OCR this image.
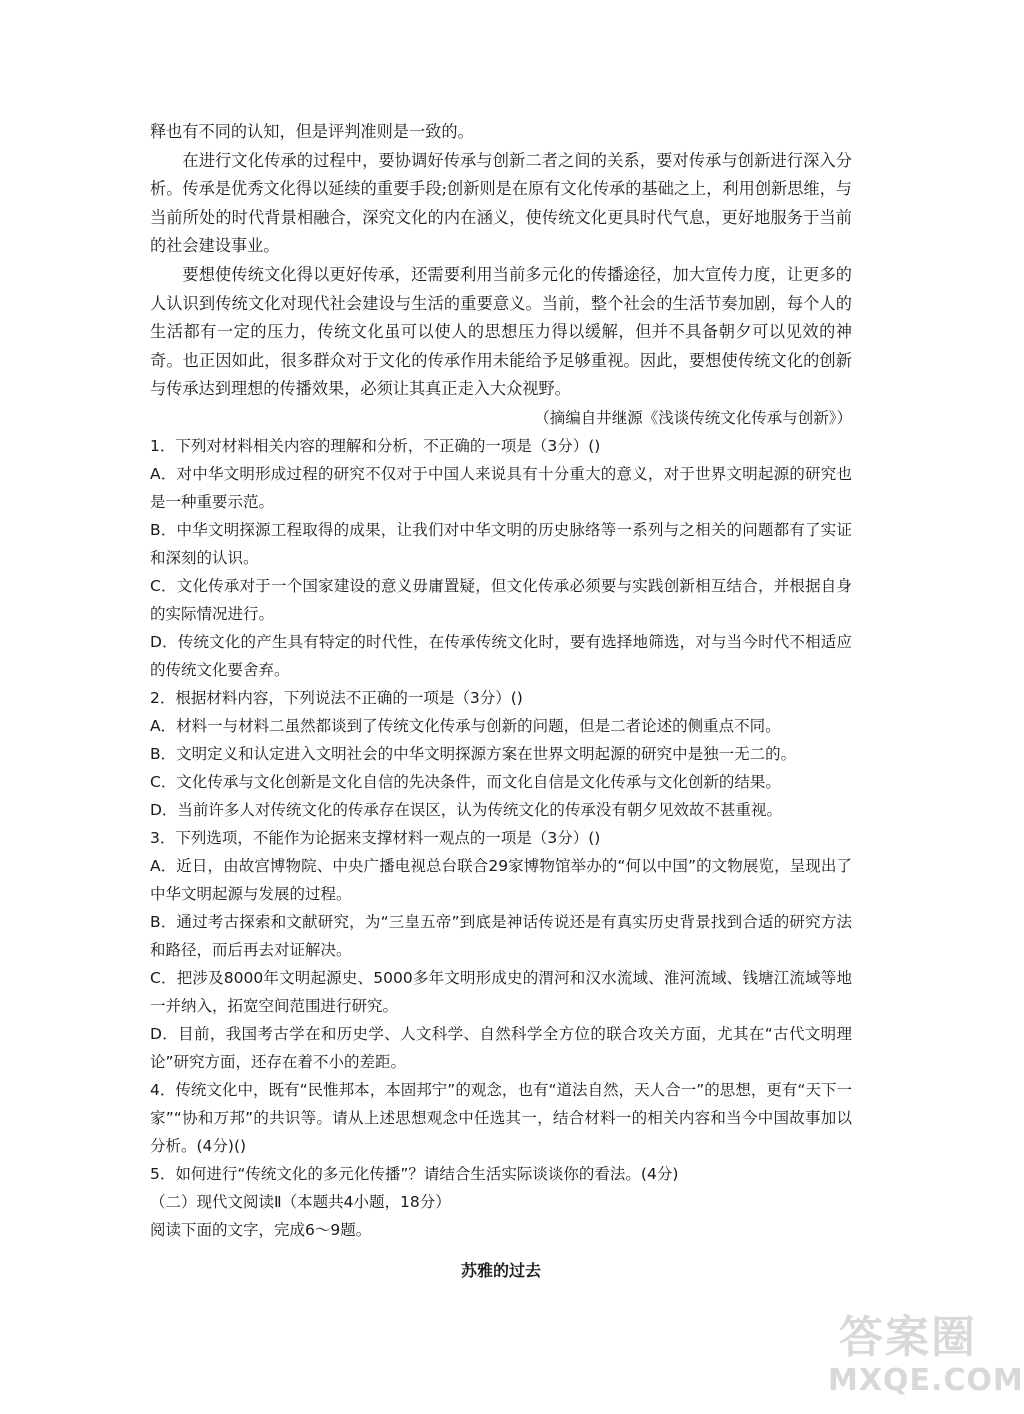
释也有不同的认知，但是评判准则是一致的。

在进行文化传承的过程中，要协调好传承与创新二者之间的关系，要对传承与创新进行深入分析。传承是优秀文化得以延续的重要手段;创新则是在原有文化传承的基础之上，利用创新思维，与当前所处的时代背景相融合，深究文化的内在涵义，使传统文化更具时代气息，更好地服务于当前的社会建设事业。

要想使传统文化得以更好传承，还需要利用当前多元化的传播途径，加大宣传力度，让更多的人认识到传统文化对现代社会建设与生活的重要意义。当前，整个社会的生活节奏加剧，每个人的生活都有一定的压力，传统文化虽可以使人的思想压力得以缓解，但并不具备朝夕可以见效的神奇。也正因如此，很多群众对于文化的传承作用未能给予足够重视。因此，要想使传统文化的创新与传承达到理想的传播效果，必须让其真正走入大众视野。

（摘编自井继源《浅谈传统文化传承与创新》）

1．下列对材料相关内容的理解和分析，不正确的一项是（3分）()

A．对中华文明形成过程的研究不仅对于中国人来说具有十分重大的意义，对于世界文明起源的研究也是一种重要示范。

B．中华文明探源工程取得的成果，让我们对中华文明的历史脉络等一系列与之相关的问题都有了实证和深刻的认识。

C．文化传承对于一个国家建设的意义毋庸置疑，但文化传承必须要与实践创新相互结合，并根据自身的实际情况进行。

D．传统文化的产生具有特定的时代性，在传承传统文化时，要有选择地筛选，对与当今时代不相适应的传统文化要舍弃。

2．根据材料内容，下列说法不正确的一项是（3分）()

A．材料一与材料二虽然都谈到了传统文化传承与创新的问题，但是二者论述的侧重点不同。

B．文明定义和认定进入文明社会的中华文明探源方案在世界文明起源的研究中是独一无二的。

C．文化传承与文化创新是文化自信的先决条件，而文化自信是文化传承与文化创新的结果。

D．当前许多人对传统文化的传承存在误区，认为传统文化的传承没有朝夕见效故不甚重视。

3．下列选项，不能作为论据来支撑材料一观点的一项是（3分）()

A．近日，由故宫博物院、中央广播电视总台联合29家博物馆举办的“何以中国”的文物展览，呈现出了中华文明起源与发展的过程。

B．通过考古探索和文献研究，为“三皇五帝”到底是神话传说还是有真实历史背景找到合适的研究方法和路径，而后再去对证解决。

C．把涉及8000年文明起源史、5000多年文明形成史的渭河和汉水流域、淮河流域、钱塘江流域等地一并纳入，拓宽空间范围进行研究。

D．目前，我国考古学在和历史学、人文科学、自然科学全方位的联合攻关方面，尤其在“古代文明理论”研究方面，还存在着不小的差距。

4．传统文化中，既有“民惟邦本，本固邦宁”的观念，也有“道法自然，天人合一”的思想，更有“天下一家”“协和万邦”的共识等。请从上述思想观念中任选其一，结合材料一的相关内容和当今中国故事加以分析。(4分)()

5．如何进行“传统文化的多元化传播”？请结合生活实际谈谈你的看法。(4分)

（二）现代文阅读Ⅱ（本题共4小题，18分）

阅读下面的文字，完成6～9题。

苏雅的过去

答案圈
MXQE.COM
